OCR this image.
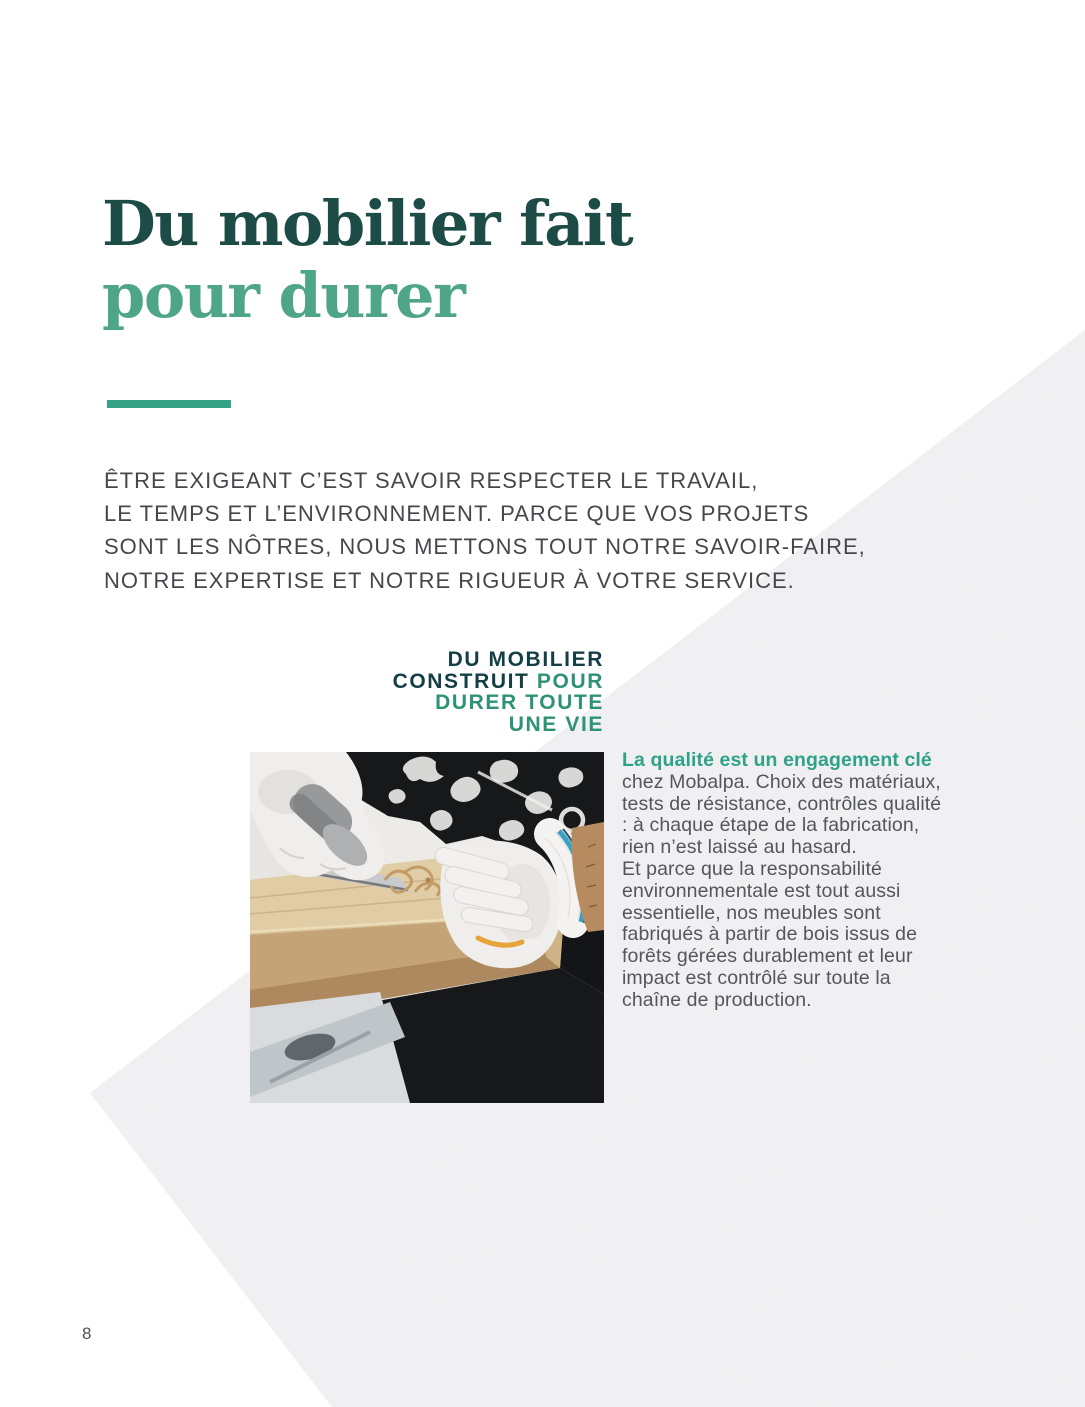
Du mobilier fait
pour durer

ÊTRE EXIGEANT C’EST SAVOIR RESPECTER LE TRAVAIL,
LE TEMPS ET L’ENVIRONNEMENT. PARCE QUE VOS PROJETS
SONT LES NÔTRES, NOUS METTONS TOUT NOTRE SAVOIR-FAIRE,
NOTRE EXPERTISE ET NOTRE RIGUEUR À VOTRE SERVICE.

DU MOBILIER
CONSTRUIT POUR
DURER TOUTE
UNE VIE

La qualité est un engagement clé
chez Mobalpa. Choix des matériaux, tests de résistance, contrôles qualité : à chaque étape de la fabrication, rien n’est laissé au hasard.
Et parce que la responsabilité environnementale est tout aussi essentielle, nos meubles sont fabriqués à partir de bois issus de forêts gérées durablement et leur impact est contrôlé sur toute la chaîne de production.

8
